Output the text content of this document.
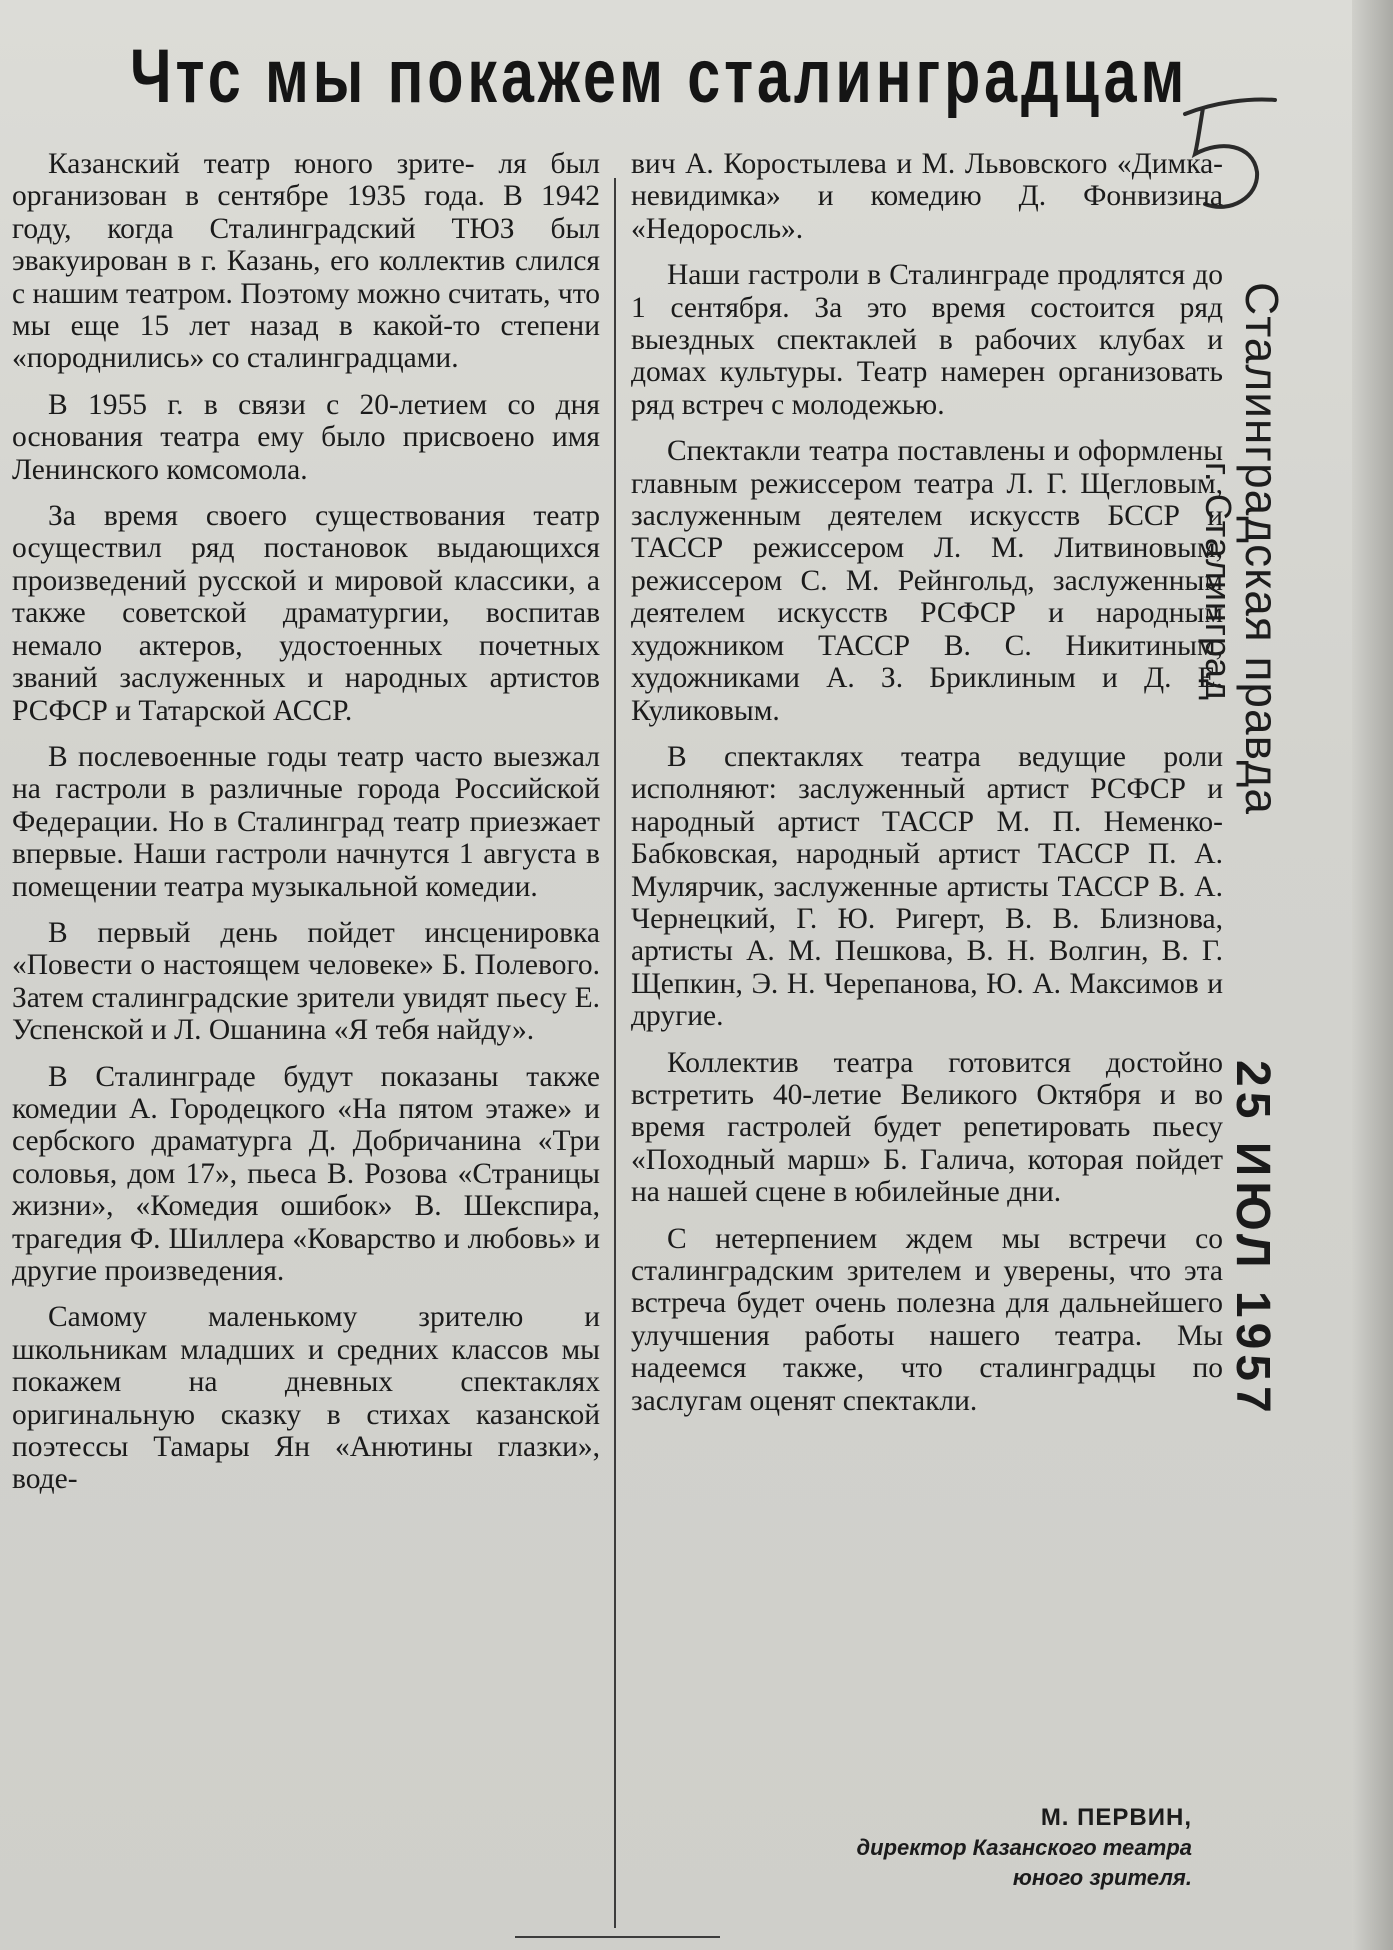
Чтс мы покажем сталинградцам

Казанский театр юного зрите- ля был организован в сентябре 1935 года. В 1942 году, когда Сталинградский ТЮЗ был эвакуирован в г. Казань, его коллектив слился с нашим театром. Поэтому можно считать, что мы еще 15 лет назад в какой-то степени «породнились» со сталинградцами.

В 1955 г. в связи с 20-летием со дня основания театра ему было присвоено имя Ленинского комсомола.

За время своего существования театр осуществил ряд постановок выдающихся произведений русской и мировой классики, а также советской драматургии, воспитав немало актеров, удостоенных почетных званий заслуженных и народных артистов РСФСР и Татарской АССР.

В послевоенные годы театр часто выезжал на гастроли в различные города Российской Федерации. Но в Сталинград театр приезжает впервые. Наши гастроли начнутся 1 августа в помещении театра музыкальной комедии.

В первый день пойдет инсценировка «Повести о настоящем человеке» Б. Полевого. Затем сталинградские зрители увидят пьесу Е. Успенской и Л. Ошанина «Я тебя найду».

В Сталинграде будут показаны также комедии А. Городецкого «На пятом этаже» и сербского драматурга Д. Добричанина «Три соловья, дом 17», пьеса В. Розова «Страницы жизни», «Комедия ошибок» В. Шекспира, трагедия Ф. Шиллера «Коварство и любовь» и другие произведения.

Самому маленькому зрителю и школьникам младших и средних классов мы покажем на дневных спектаклях оригинальную сказку в стихах казанской поэтессы Тамары Ян «Анютины глазки», воде-

вич А. Коростылева и М. Львовского «Димка-невидимка» и комедию Д. Фонвизина «Недоросль».

Наши гастроли в Сталинграде продлятся до 1 сентября. За это время состоится ряд выездных спектаклей в рабочих клубах и домах культуры. Театр намерен организовать ряд встреч с молодежью.

Спектакли театра поставлены и оформлены главным режиссером театра Л. Г. Щегловым, заслуженным деятелем искусств БССР и ТАССР режиссером Л. М. Литвиновым, режиссером С. М. Рейнгольд, заслуженным деятелем искусств РСФСР и народным художником ТАССР В. С. Никитиным, художниками А. З. Бриклиным и Д. Е. Куликовым.

В спектаклях театра ведущие роли исполняют: заслуженный артист РСФСР и народный артист ТАССР М. П. Неменко-Бабковская, народный артист ТАССР П. А. Мулярчик, заслуженные артисты ТАССР В. А. Чернецкий, Г. Ю. Ригерт, В. В. Близнова, артисты А. М. Пешкова, В. Н. Волгин, В. Г. Щепкин, Э. Н. Черепанова, Ю. А. Максимов и другие.

Коллектив театра готовится достойно встретить 40-летие Великого Октября и во время гастролей будет репетировать пьесу «Походный марш» Б. Галича, которая пойдет на нашей сцене в юбилейные дни.

С нетерпением ждем мы встречи со сталинградским зрителем и уверены, что эта встреча будет очень полезна для дальнейшего улучшения работы нашего театра. Мы надеемся также, что сталинградцы по заслугам оценят спектакли.

М. ПЕРВИН,
директор Казанского театра
юного зрителя.
Сталинградская правда
г. Сталинград
25 ИЮЛ 1957
